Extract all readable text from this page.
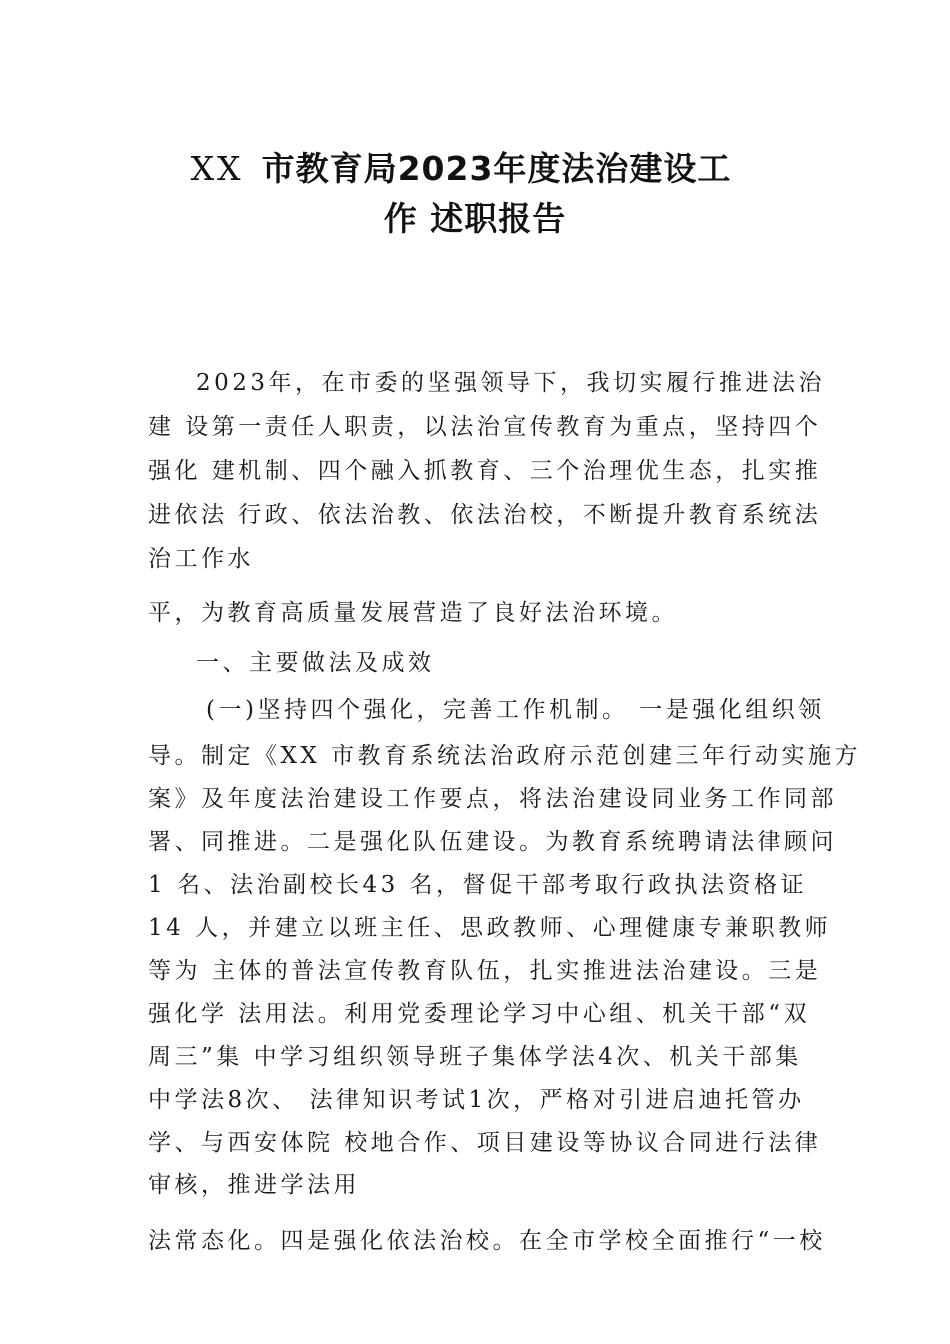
XX 市教育局2023年度法治建设工
作 述职报告
2023年，在市委的坚强领导下，我切实履行推进法治
建 设第一责任人职责，以法治宣传教育为重点，坚持四个
强化 建机制、四个融入抓教育、三个治理优生态，扎实推
进依法 行政、依法治教、依法治校，不断提升教育系统法
治工作水
平，为教育高质量发展营造了良好法治环境。
一、主要做法及成效
(一)坚持四个强化，完善工作机制。 一是强化组织领
导。制定《XX 市教育系统法治政府示范创建三年行动实施方
案》及年度法治建设工作要点，将法治建设同业务工作同部
署、同推进。二是强化队伍建设。为教育系统聘请法律顾问
1 名、法治副校长43 名，督促干部考取行政执法资格证
14 人，并建立以班主任、思政教师、心理健康专兼职教师
等为 主体的普法宣传教育队伍，扎实推进法治建设。三是
强化学 法用法。利用党委理论学习中心组、机关干部“双
周三”集 中学习组织领导班子集体学法4次、机关干部集
中学法8次、 法律知识考试1次，严格对引进启迪托管办
学、与西安体院 校地合作、项目建设等协议合同进行法律
审核，推进学法用
法常态化。四是强化依法治校。在全市学校全面推行“一校
